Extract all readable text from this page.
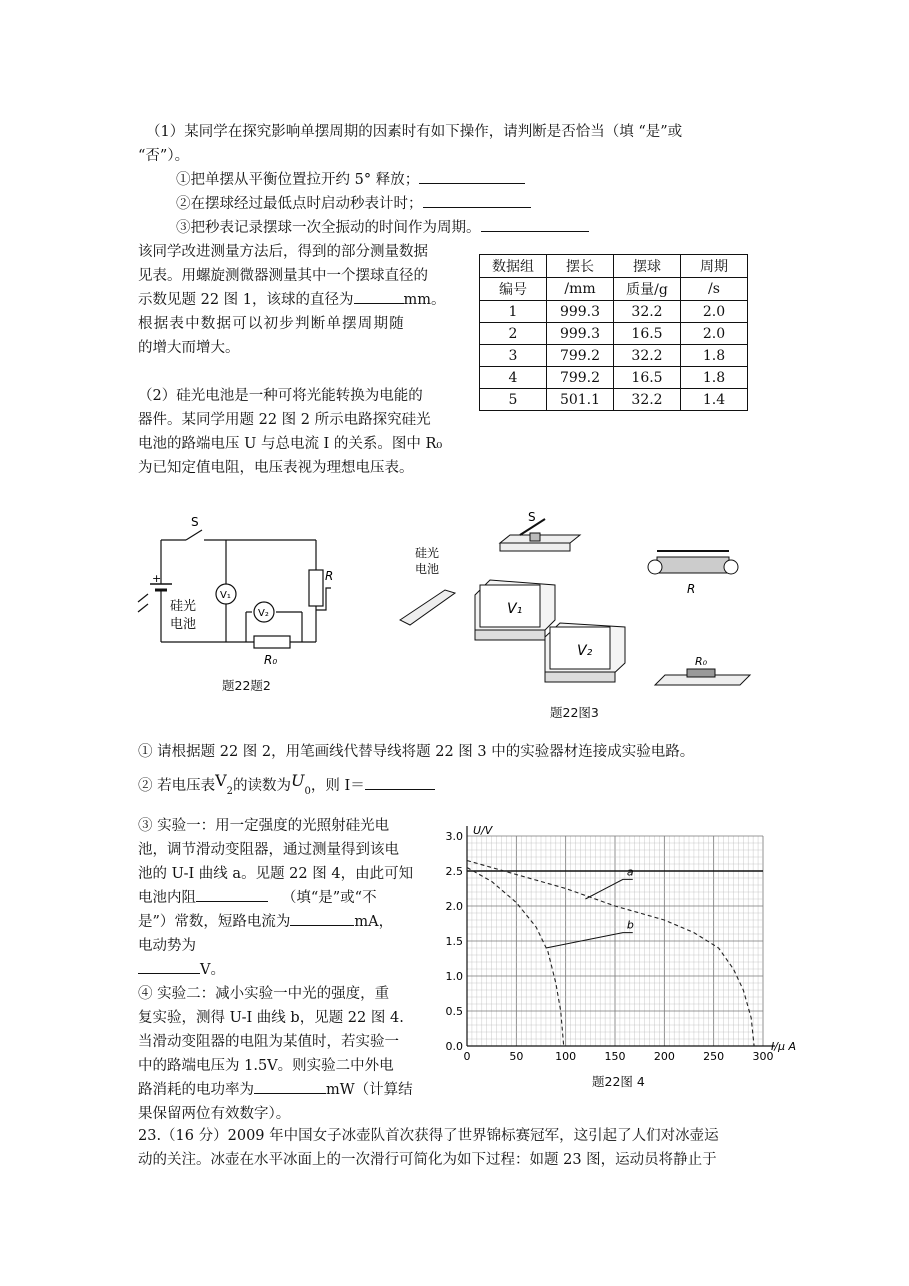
（1）某同学在探究影响单摆周期的因素时有如下操作，请判断是否恰当（填 “是”或
“否”）。
①把单摆从平衡位置拉开约 5° 释放；
②在摆球经过最低点时启动秒表计时；
③把秒表记录摆球一次全振动的时间作为周期。
该同学改进测量方法后，得到的部分测量数据
见表。用螺旋测微器测量其中一个摆球直径的
示数见题 22 图 1，该球的直径为	mm。
根据表中数据可以初步判断单摆周期随
的增大而增大。
数据组	摆长	摆球	周期
编号	/mm	质量/g	/s
1	999.3	32.2	2.0
2	999.3	16.5	2.0
3	799.2	32.2	1.8
4	799.2	16.5	1.8
5	501.1	32.2	1.4
（2）硅光电池是一种可将光能转换为电能的
器件。某同学用题 22 图 2 所示电路探究硅光
电池的路端电压 U 与总电流 I 的关系。图中 R₀
为已知定值电阻，电压表视为理想电压表。
S
R
R₀
V₁
V₂
+
硅光
电池
题22题2
S
硅光
电池
V₁
V₂
R
R₀
题22图3
① 请根据题 22 图 2，用笔画线代替导线将题 22 图 3 中的实验器材连接成实验电路。
② 若电压表$V_2$的读数为$U_0$，则 I＝
③ 实验一：用一定强度的光照射硅光电
池，调节滑动变阻器，通过测量得到该电
池的 U-I 曲线 a。见题 22 图 4，由此可知
电池内阻	（填“是”或“不
是”）常数，短路电流为	mA，
电动势为
V。
④ 实验二：减小实验一中光的强度，重
复实验，测得 U-I 曲线 b，见题 22 图 4.
当滑动变阻器的电阻为某值时，若实验一
中的路端电压为 1.5V。则实验二中外电
路消耗的电功率为	mW（计算结
果保留两位有效数字）。
0	50	100	150	200	250	300
0.0
0.5
1.0
1.5
2.0
2.5
3.0 U/V
I/μ A
a
b
题22图 4
23.（16 分）2009 年中国女子冰壶队首次获得了世界锦标赛冠军，这引起了人们对冰壶运
动的关注。冰壶在水平冰面上的一次滑行可简化为如下过程：如题 23 图，运动员将静止于
